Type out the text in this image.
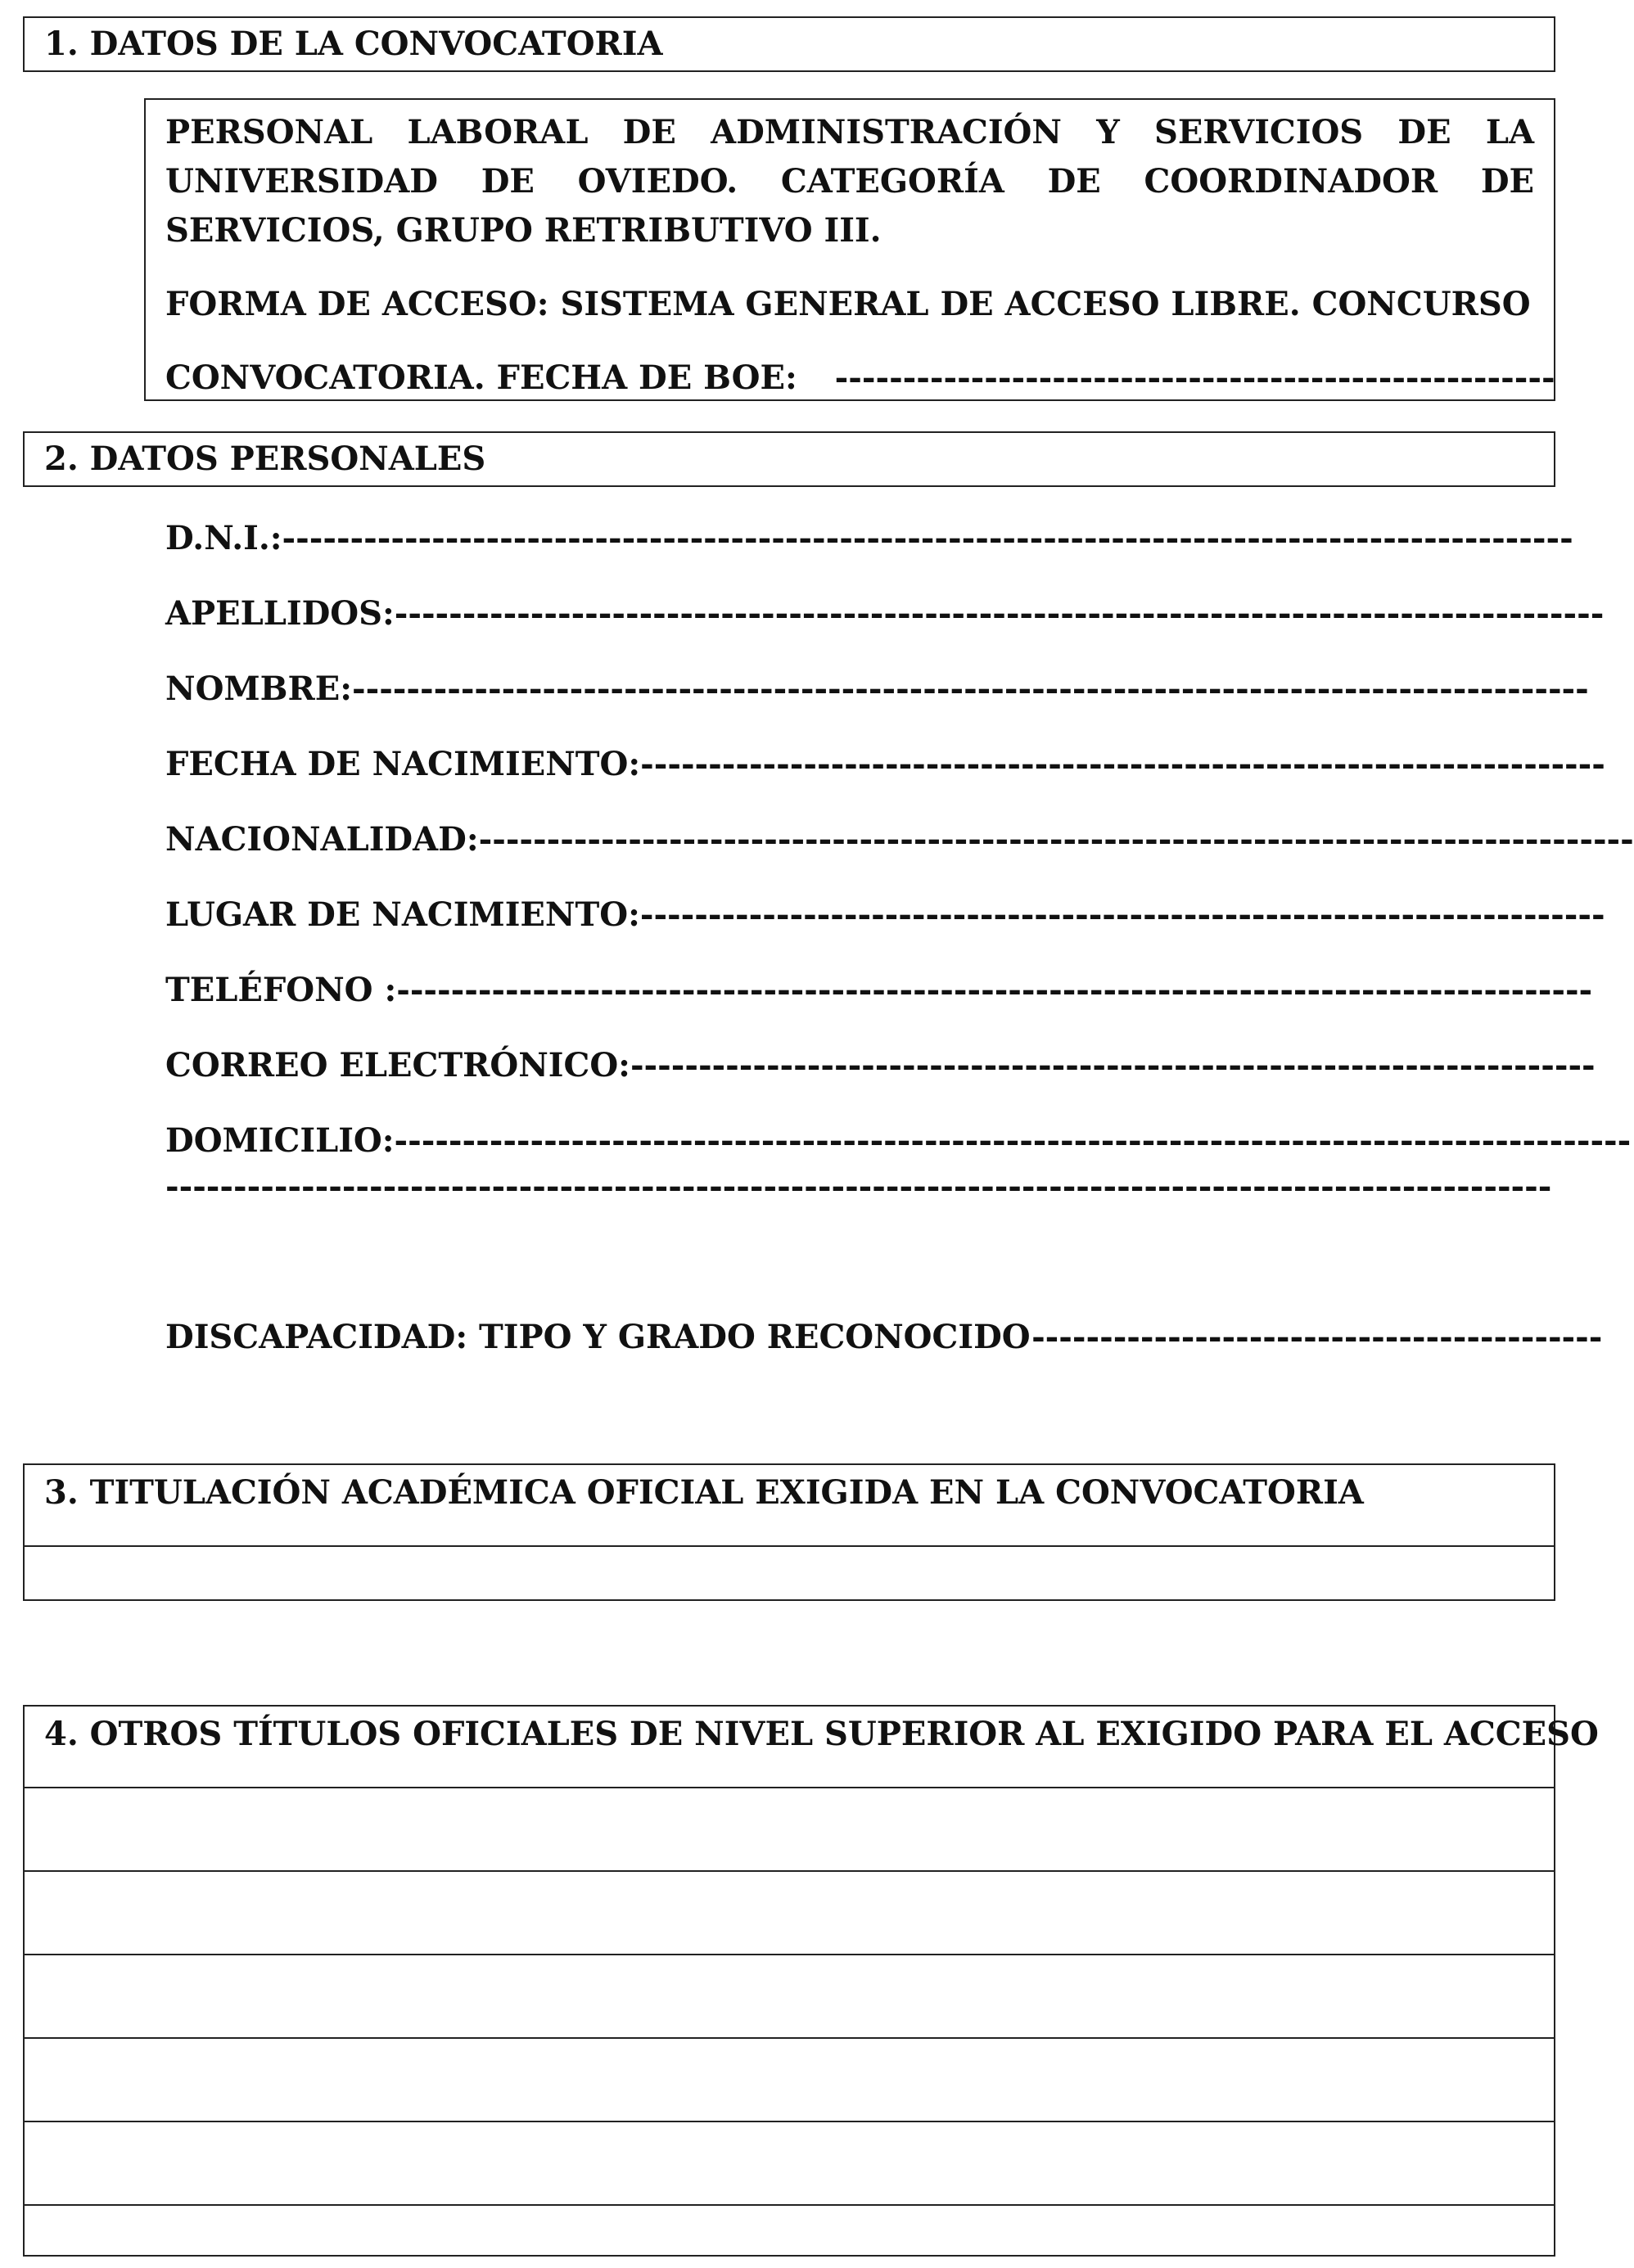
1. DATOS DE LA CONVOCATORIA

PERSONAL LABORAL DE ADMINISTRACIÓN Y SERVICIOS DE LA UNIVERSIDAD DE OVIEDO. CATEGORÍA DE COORDINADOR DE SERVICIOS, GRUPO RETRIBUTIVO III.

FORMA DE ACCESO: SISTEMA GENERAL DE ACCESO LIBRE. CONCURSO
CONVOCATORIA. FECHA DE BOE: -----------------------------------------------------
2. DATOS PERSONALES
D.N.I.:-----------------------------------------------------------------------------------------------
APELLIDOS:-----------------------------------------------------------------------------------------
NOMBRE:-------------------------------------------------------------------------------------------
FECHA DE NACIMIENTO:-----------------------------------------------------------------------
NACIONALIDAD:-------------------------------------------------------------------------------------
LUGAR DE NACIMIENTO:-----------------------------------------------------------------------
TELÉFONO :----------------------------------------------------------------------------------------
CORREO ELECTRÓNICO:-----------------------------------------------------------------------
DOMICILIO:-------------------------------------------------------------------------------------------
------------------------------------------------------------------------------------------------------
DISCAPACIDAD: TIPO Y GRADO RECONOCIDO------------------------------------------
3. TITULACIÓN ACADÉMICA OFICIAL EXIGIDA EN LA CONVOCATORIA
4. OTROS TÍTULOS OFICIALES DE NIVEL SUPERIOR AL EXIGIDO PARA EL ACCESO
